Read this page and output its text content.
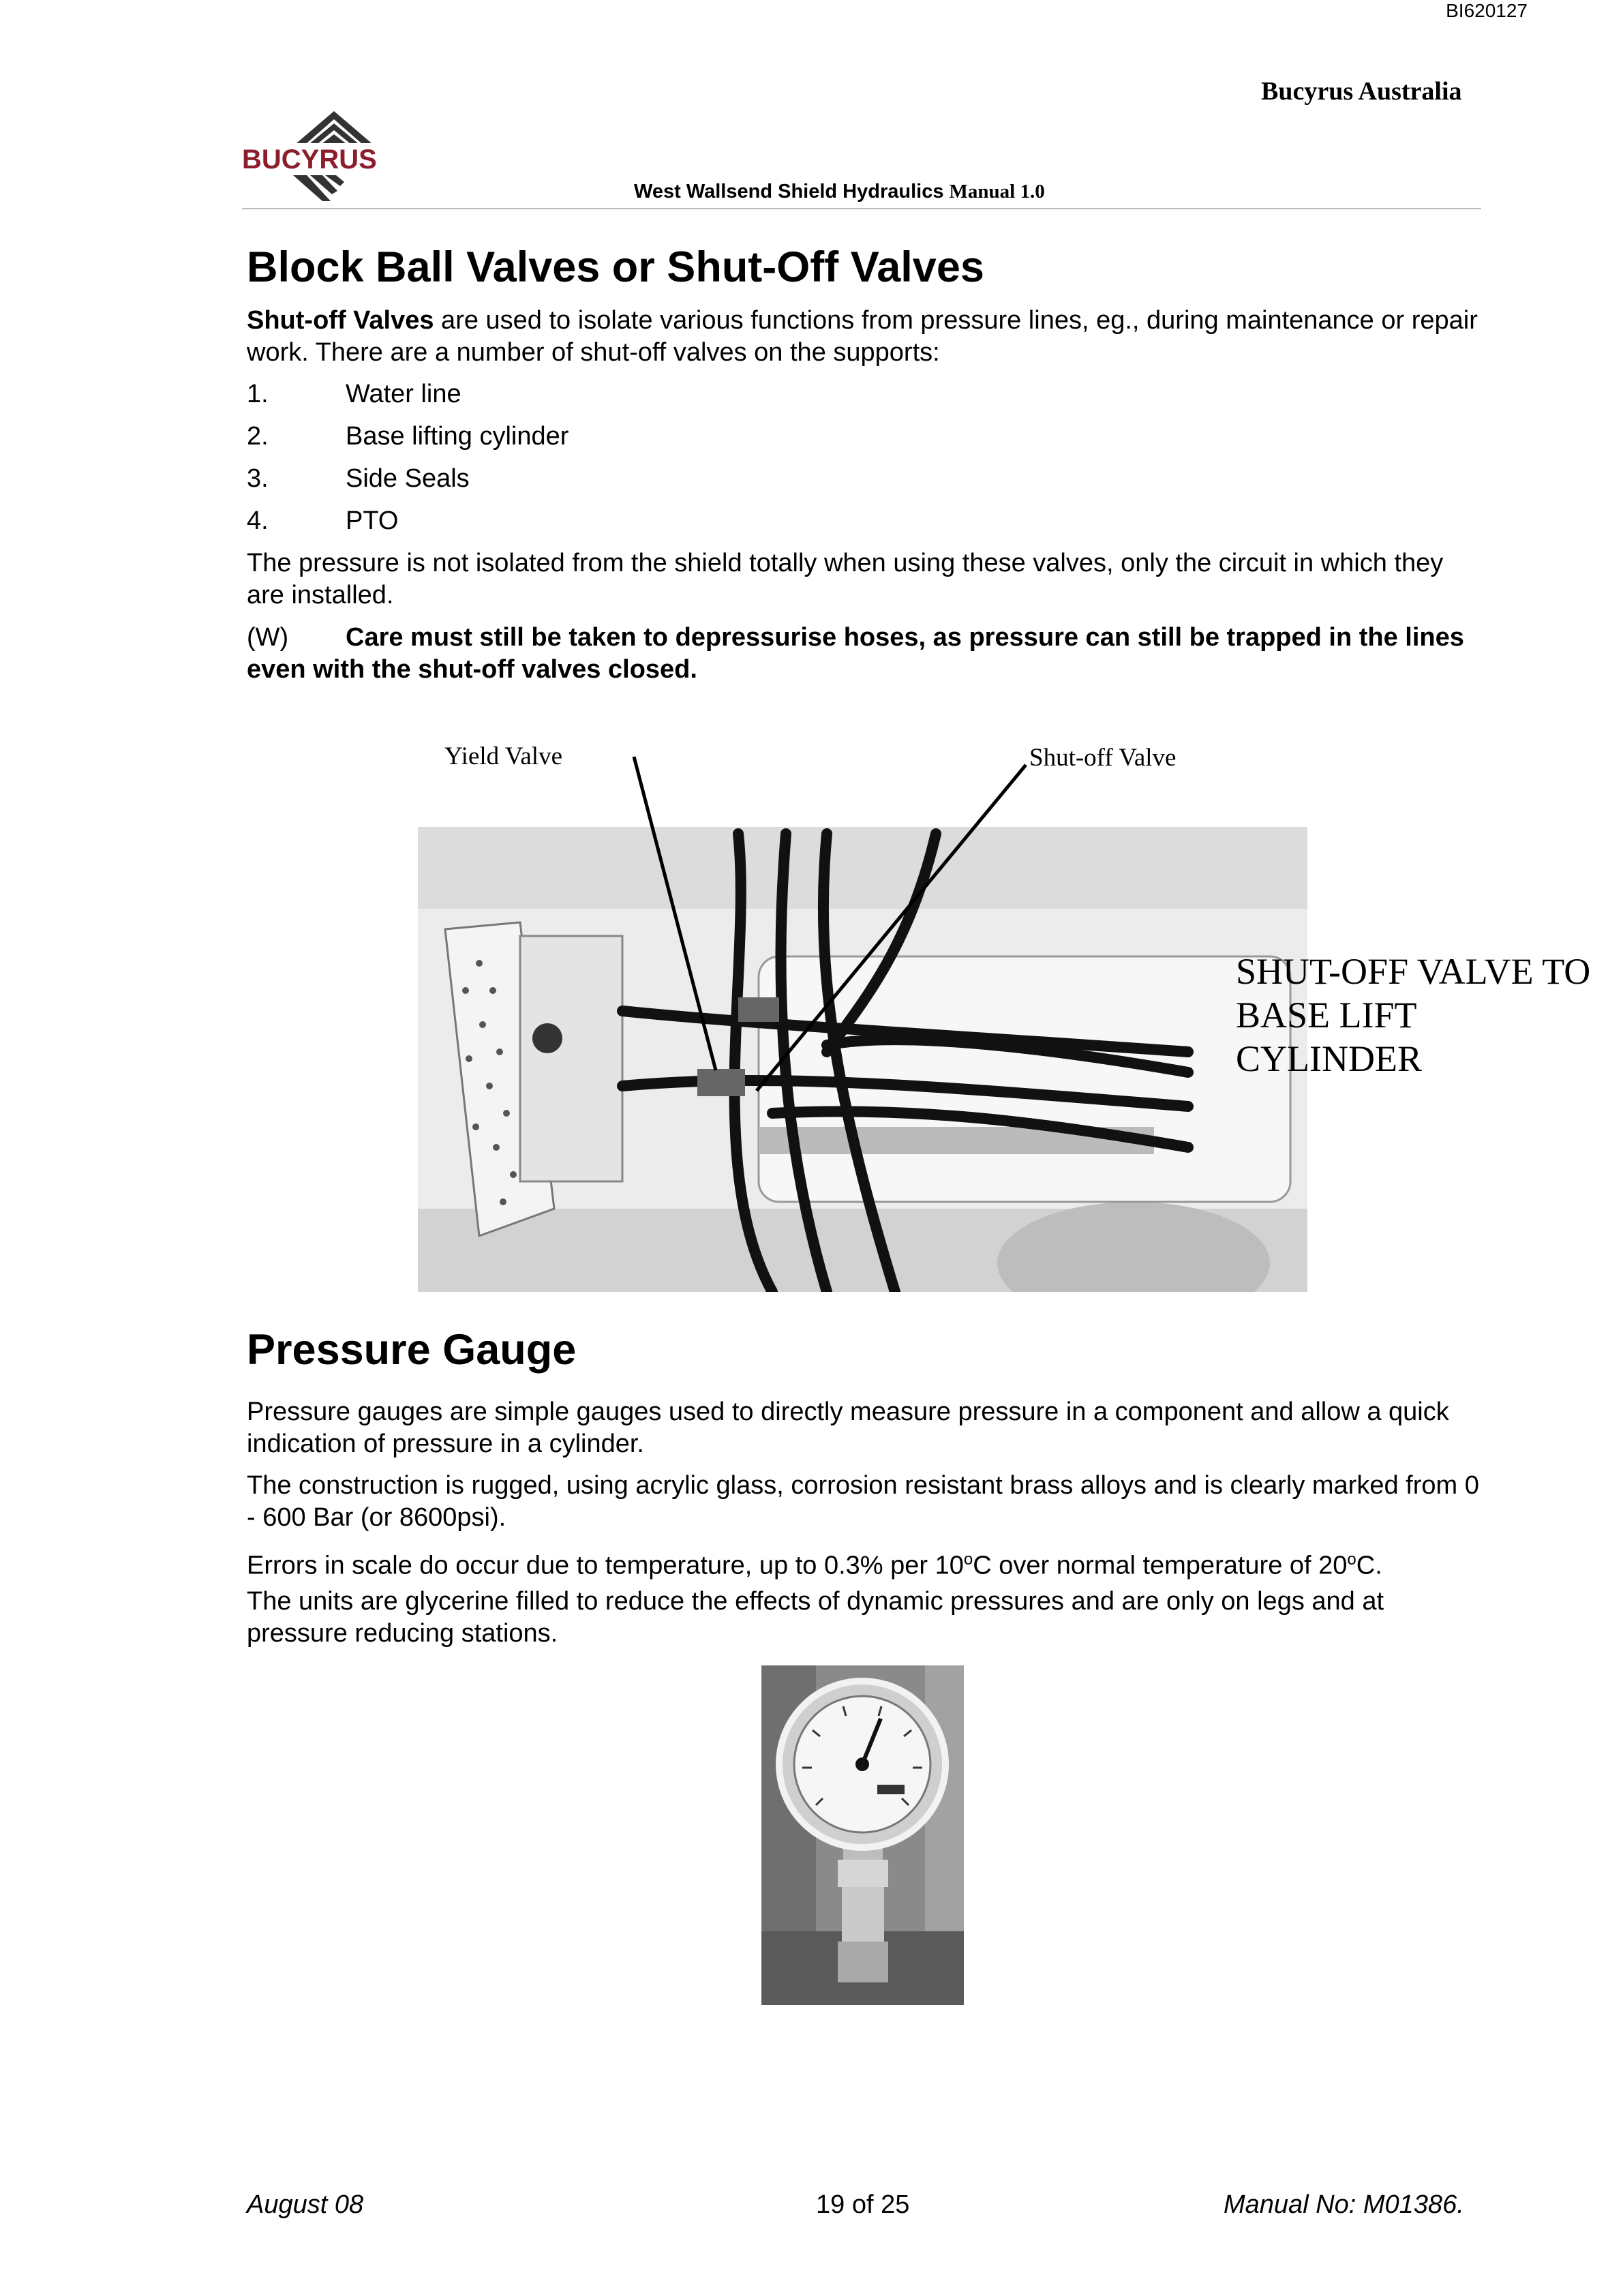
BI620127
Bucyrus Australia
BUCYRUS
West Wallsend Shield Hydraulics Manual 1.0
Block Ball Valves or Shut-Off Valves
Shut-off Valves are used to isolate various functions from pressure lines, eg., during maintenance or repair work. There are a number of shut-off valves on the supports:
1.	Water line
2.	Base lifting cylinder
3.	Side Seals
4.	PTO
The pressure is not isolated from the shield totally when using these valves, only the circuit in which they are installed.
(W) Care must still be taken to depressurise hoses, as pressure can still be trapped in the lines even with the shut-off valves closed.
Yield Valve	Shut-off Valve
SHUT-OFF VALVE TO BASE LIFT CYLINDER
Pressure Gauge
Pressure gauges are simple gauges used to directly measure pressure in a component and allow a quick indication of pressure in a cylinder.
The construction is rugged, using acrylic glass, corrosion resistant brass alloys and is clearly marked from 0 - 600 Bar (or 8600psi).
Errors in scale do occur due to temperature, up to 0.3% per 10$^o$C over normal temperature of 20$^o$C.
The units are glycerine filled to reduce the effects of dynamic pressures and are only on legs and at pressure reducing stations.
August 08	19 of 25	Manual No: M01386.
